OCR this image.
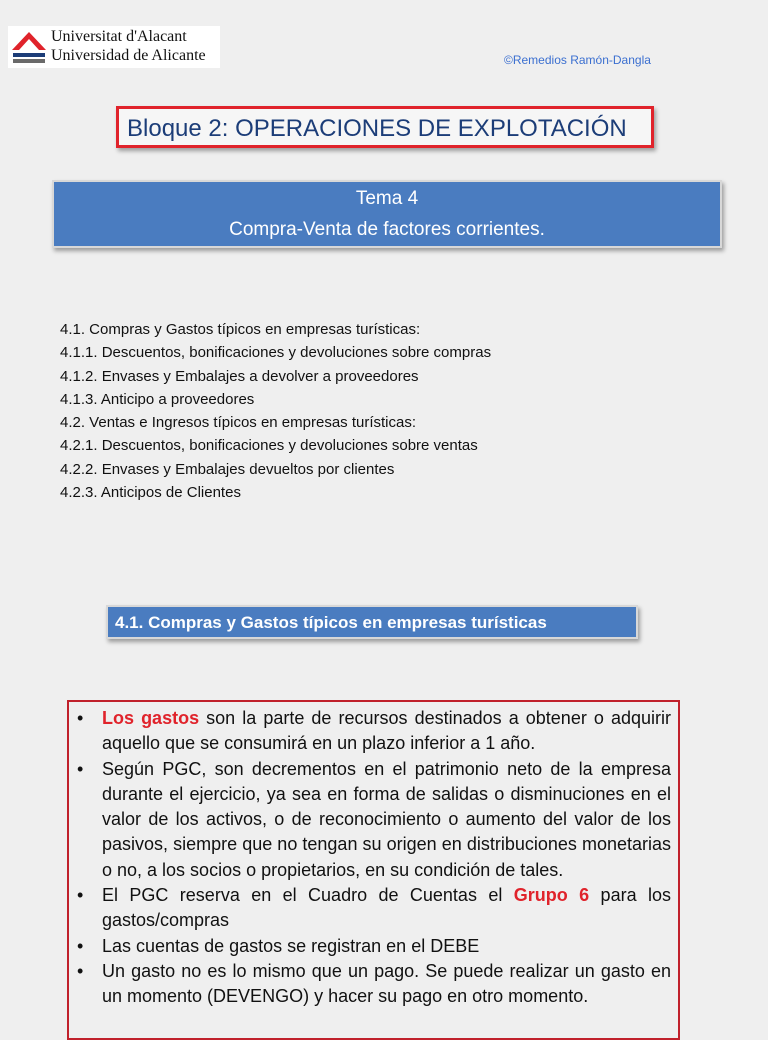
Universitat d'Alacant
Universidad de Alicante	©Remedios Ramón-Dangla
Bloque 2: OPERACIONES DE EXPLOTACIÓN
Tema 4
Compra-Venta de factores corrientes.
4.1. Compras y Gastos típicos en empresas turísticas:
4.1.1. Descuentos, bonificaciones y devoluciones sobre compras
4.1.2. Envases y Embalajes a devolver a proveedores
4.1.3. Anticipo a proveedores
4.2. Ventas e Ingresos típicos en empresas turísticas:
4.2.1. Descuentos, bonificaciones y devoluciones sobre ventas
4.2.2. Envases y Embalajes devueltos por clientes
4.2.3. Anticipos de Clientes
4.1. Compras y Gastos típicos en empresas turísticas
• Los gastos son la parte de recursos destinados a obtener o adquirir aquello que se consumirá en un plazo inferior a 1 año.
• Según PGC, son decrementos en el patrimonio neto de la empresa durante el ejercicio, ya sea en forma de salidas o disminuciones en el valor de los activos, o de reconocimiento o aumento del valor de los pasivos, siempre que no tengan su origen en distribuciones monetarias o no, a los socios o propietarios, en su condición de tales.
• El PGC reserva en el Cuadro de Cuentas el Grupo 6 para los gastos/compras
• Las cuentas de gastos se registran en el DEBE
• Un gasto no es lo mismo que un pago. Se puede realizar un gasto en un momento (DEVENGO) y hacer su pago en otro momento.
